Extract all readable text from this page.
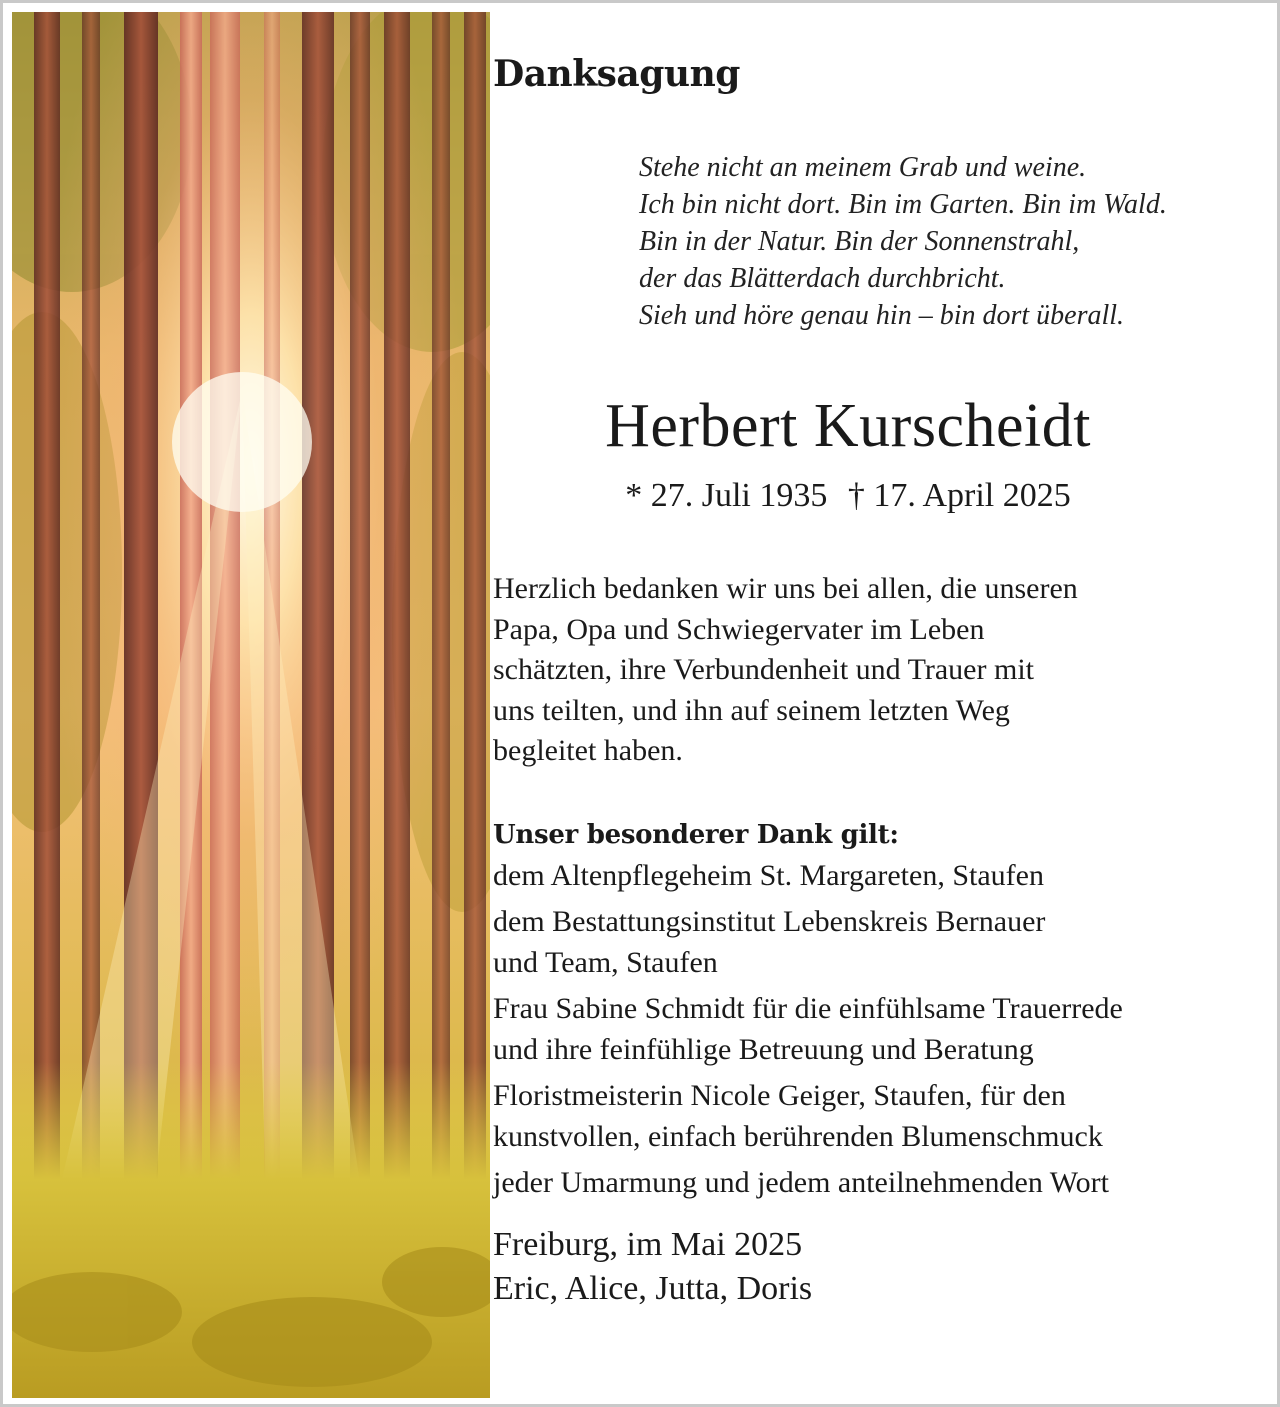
Danksagung
Stehe nicht an meinem Grab und weine.
Ich bin nicht dort. Bin im Garten. Bin im Wald.
Bin in der Natur. Bin der Sonnenstrahl,
der das Blätterdach durchbricht.
Sieh und höre genau hin – bin dort überall.
Herbert Kurscheidt
* 27. Juli 1935 † 17. April 2025
Herzlich bedanken wir uns bei allen, die unseren
Papa, Opa und Schwiegervater im Leben
schätzten, ihre Verbundenheit und Trauer mit
uns teilten, und ihn auf seinem letzten Weg
begleitet haben.
Unser besonderer Dank gilt:
dem Altenpflegeheim St. Margareten, Staufen
dem Bestattungsinstitut Lebenskreis Bernauer
und Team, Staufen
Frau Sabine Schmidt für die einfühlsame Trauerrede
und ihre feinfühlige Betreuung und Beratung
Floristmeisterin Nicole Geiger, Staufen, für den
kunstvollen, einfach berührenden Blumenschmuck
jeder Umarmung und jedem anteilnehmenden Wort
Freiburg, im Mai 2025
Eric, Alice, Jutta, Doris
